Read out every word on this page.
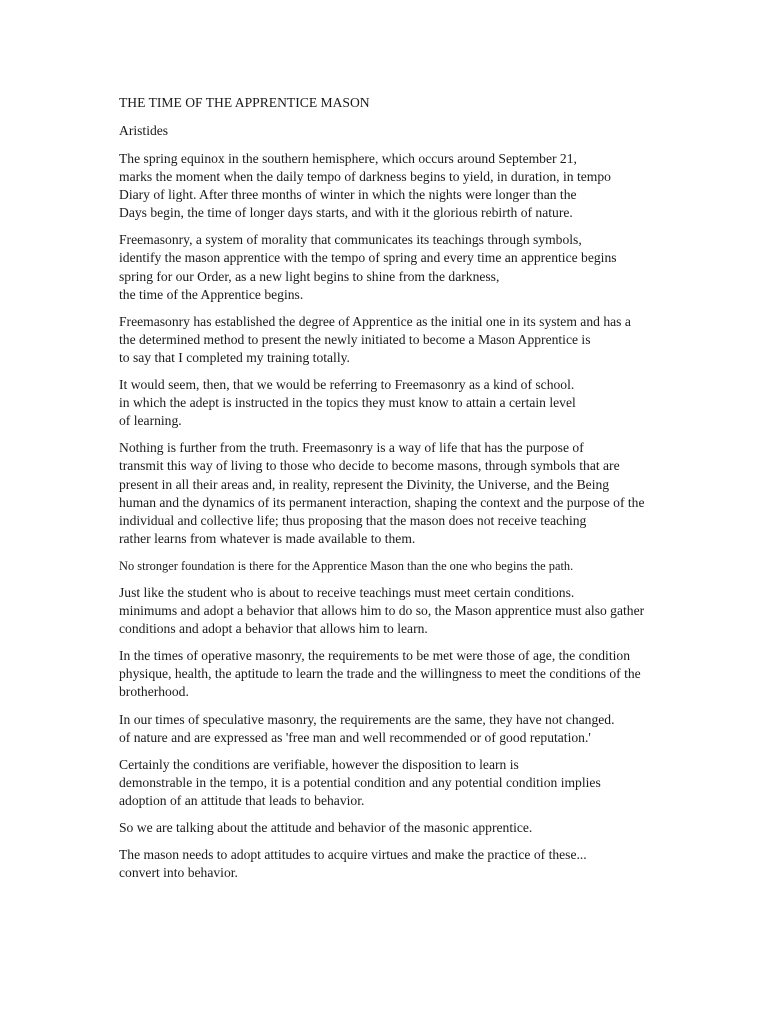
THE TIME OF THE APPRENTICE MASON
Aristides
The spring equinox in the southern hemisphere, which occurs around September 21,
marks the moment when the daily tempo of darkness begins to yield, in duration, in tempo
Diary of light. After three months of winter in which the nights were longer than the
Days begin, the time of longer days starts, and with it the glorious rebirth of nature.
Freemasonry, a system of morality that communicates its teachings through symbols,
identify the mason apprentice with the tempo of spring and every time an apprentice begins
spring for our Order, as a new light begins to shine from the darkness,
the time of the Apprentice begins.
Freemasonry has established the degree of Apprentice as the initial one in its system and has a
the determined method to present the newly initiated to become a Mason Apprentice is
to say that I completed my training totally.
It would seem, then, that we would be referring to Freemasonry as a kind of school.
in which the adept is instructed in the topics they must know to attain a certain level
of learning.
Nothing is further from the truth. Freemasonry is a way of life that has the purpose of
transmit this way of living to those who decide to become masons, through symbols that are
present in all their areas and, in reality, represent the Divinity, the Universe, and the Being
human and the dynamics of its permanent interaction, shaping the context and the purpose of the
individual and collective life; thus proposing that the mason does not receive teaching
rather learns from whatever is made available to them.
No stronger foundation is there for the Apprentice Mason than the one who begins the path.
Just like the student who is about to receive teachings must meet certain conditions.
minimums and adopt a behavior that allows him to do so, the Mason apprentice must also gather
conditions and adopt a behavior that allows him to learn.
In the times of operative masonry, the requirements to be met were those of age, the condition
physique, health, the aptitude to learn the trade and the willingness to meet the conditions of the
brotherhood.
In our times of speculative masonry, the requirements are the same, they have not changed.
of nature and are expressed as 'free man and well recommended or of good reputation.'
Certainly the conditions are verifiable, however the disposition to learn is
demonstrable in the tempo, it is a potential condition and any potential condition implies
adoption of an attitude that leads to behavior.
So we are talking about the attitude and behavior of the masonic apprentice.
The mason needs to adopt attitudes to acquire virtues and make the practice of these...
convert into behavior.
